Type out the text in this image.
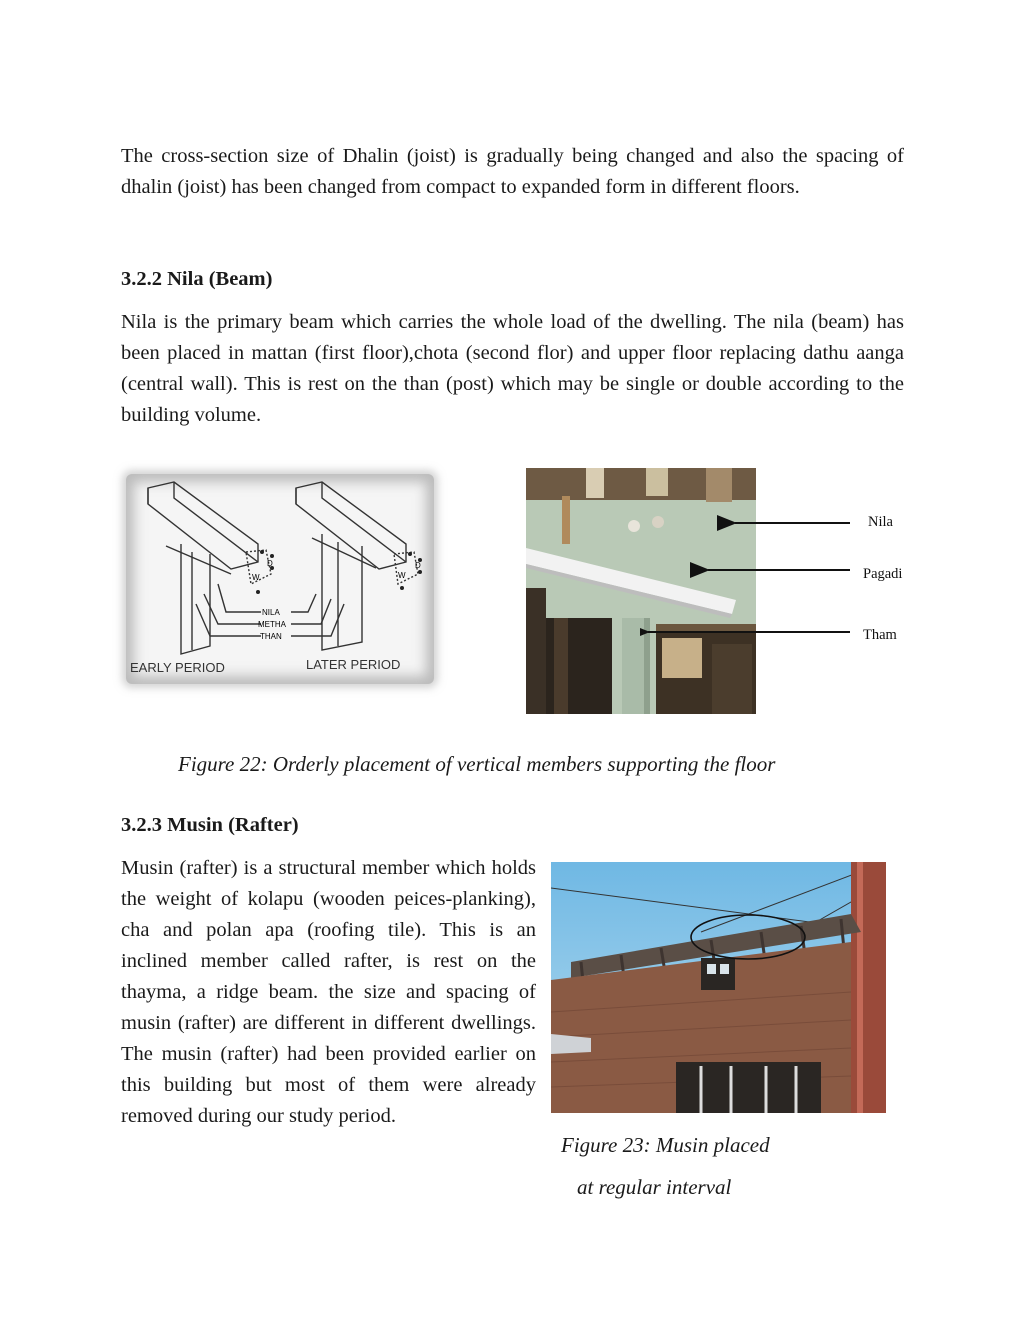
The cross-section size of Dhalin (joist) is gradually being changed and also the spacing of dhalin (joist) has been changed from compact to expanded form in different floors.

3.2.2 Nila (Beam)

Nila is the primary beam which carries the whole load of the dwelling. The nila (beam) has been placed in mattan (first floor),chota (second flor) and upper floor replacing dathu aanga (central wall). This is rest on the than (post) which may be single or double according to the building volume.

NILA
METHA
THAN
EARLY PERIOD	LATER PERIOD
D
W
D
W
Nila
Pagadi
Tham

Figure 22: Orderly placement of vertical members supporting the floor

3.2.3 Musin (Rafter)

Musin (rafter) is a structural member which holds the weight of kolapu (wooden peices-planking), cha and polan apa (roofing tile). This is an inclined member called rafter, is rest on the thayma, a ridge beam. the size and spacing of musin (rafter) are different in different dwellings. The musin (rafter) had been provided earlier on this building but most of them were already removed during our study period.

Figure 23: Musin placed

at regular interval
